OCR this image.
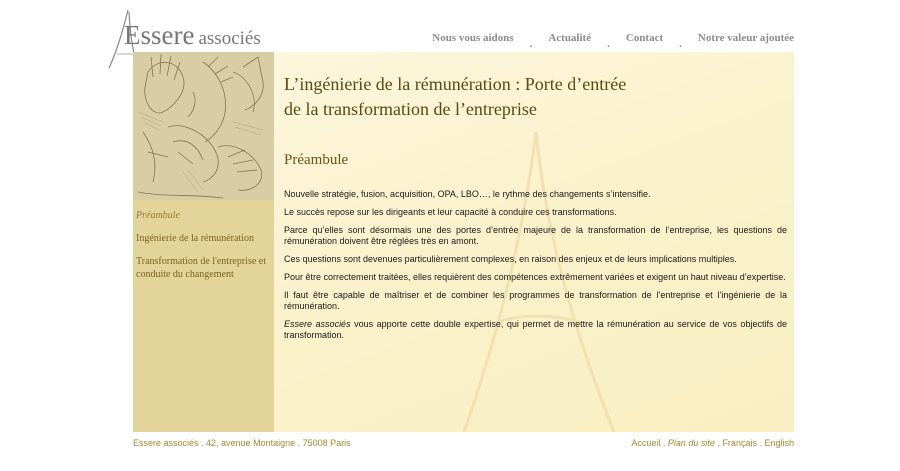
Essere associés	Nous vous aidons . Actualité . Contact . Notre valeur ajoutée
Préambule
Ingénierie de la rémunération
Transformation de l'entreprise et conduite du changement
L’ingénierie de la rémunération : Porte d’entrée
de la transformation de l’entreprise
Préambule

Nouvelle stratégie, fusion, acquisition, OPA, LBO…, le rythme des changements s’intensifie.

Le succès repose sur les dirigeants et leur capacité à conduire ces transformations.

Parce qu’elles sont désormais une des portes d’entrée majeure de la transformation de l’entreprise, les questions de rémunération doivent être réglées très en amont.

Ces questions sont devenues particulièrement complexes, en raison des enjeux et de leurs implications multiples.

Pour être correctement traitées, elles requièrent des compétences extrêmement variées et exigent un haut niveau d’expertise.

Il faut être capable de maîtriser et de combiner les programmes de transformation de l’entreprise et l’ingénierie de la rémunération.

Essere associés vous apporte cette double expertise, qui permet de mettre la rémunération au service de vos objectifs de transformation.

Essere associés . 42, avenue Montaigne . 75008 Paris	Accueil . Plan du site . Français . English
